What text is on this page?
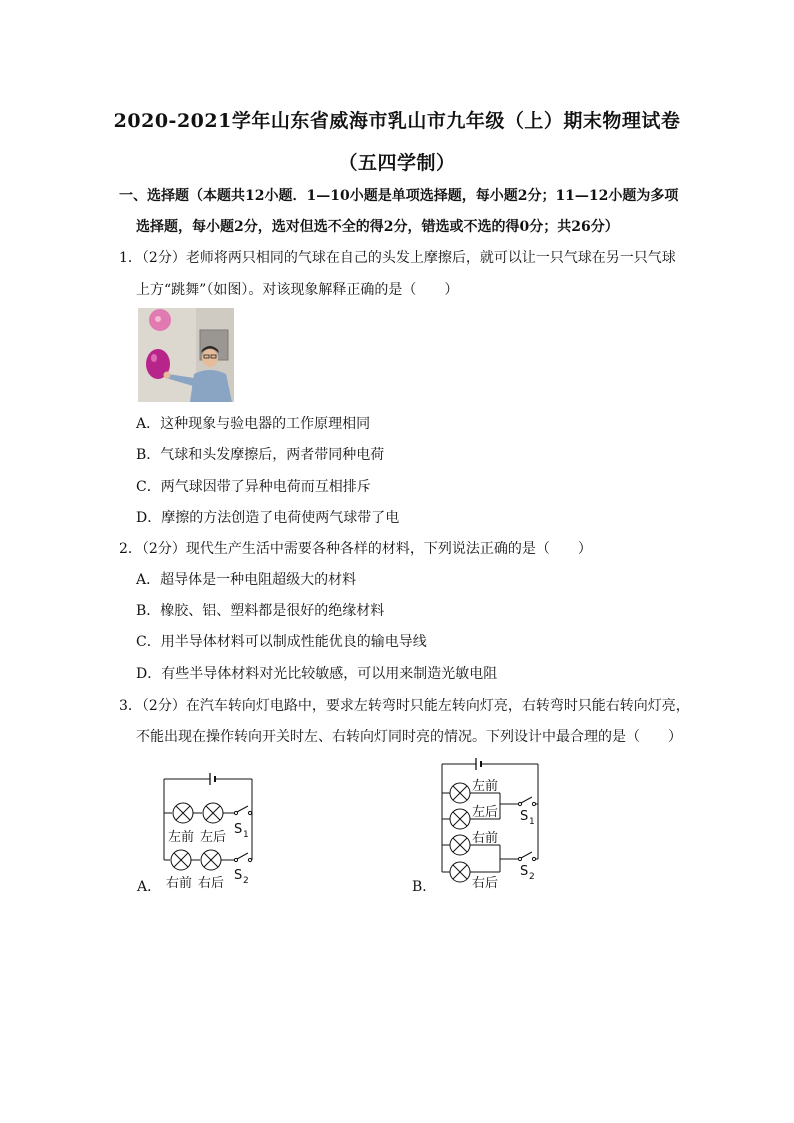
2020-2021学年山东省威海市乳山市九年级（上）期末物理试卷
（五四学制）
一、选择题（本题共12小题．1—10小题是单项选择题，每小题2分；11—12小题为多项
选择题，每小题2分，选对但选不全的得2分，错选或不选的得0分；共26分）
1．（2分）老师将两只相同的气球在自己的头发上摩擦后，就可以让一只气球在另一只气球
上方“跳舞”（如图）。对该现象解释正确的是（　　）
A．这种现象与验电器的工作原理相同
B．气球和头发摩擦后，两者带同种电荷
C．两气球因带了异种电荷而互相排斥
D．摩擦的方法创造了电荷使两气球带了电
2．（2分）现代生产生活中需要各种各样的材料，下列说法正确的是（　　）
A．超导体是一种电阻超级大的材料
B．橡胶、铝、塑料都是很好的绝缘材料
C．用半导体材料可以制成性能优良的输电导线
D．有些半导体材料对光比较敏感，可以用来制造光敏电阻
3．（2分）在汽车转向灯电路中，要求左转弯时只能左转向灯亮，右转弯时只能右转向灯亮，
不能出现在操作转向开关时左、右转向灯同时亮的情况。下列设计中最合理的是（　　）
左前 左后
S 1
S 2
右前 右后
A．
左前
左后
右前
右后
S 1
S 2
B．
